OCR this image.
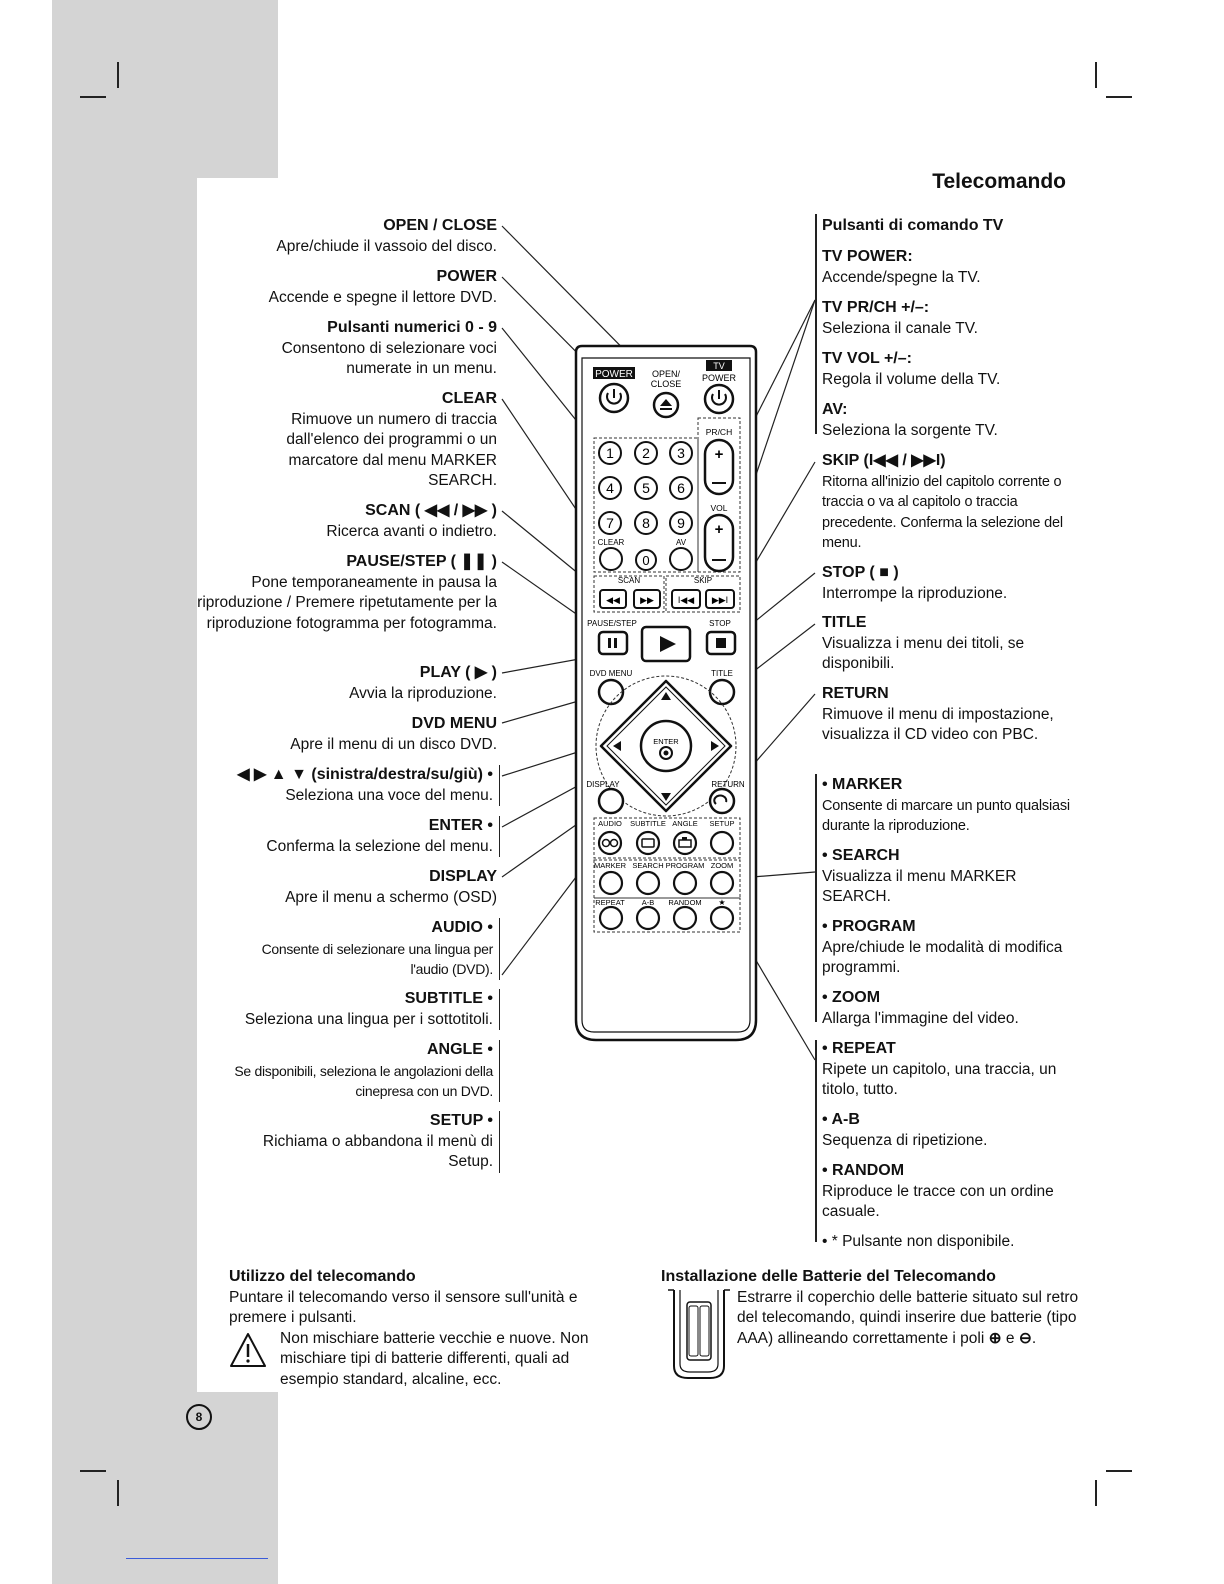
Telecomando
OPEN / CLOSE
Apre/chiude il vassoio del disco.
POWER
Accende e spegne il lettore DVD.
Pulsanti numerici 0 - 9
Consentono di selezionare voci numerate in un menu.
CLEAR
Rimuove un numero di traccia dall'elenco dei programmi o un marcatore dal menu MARKER SEARCH.
SCAN ( ◀◀ / ▶▶ )
Ricerca avanti o indietro.
PAUSE/STEP ( ❚❚ )
Pone temporaneamente in pausa la riproduzione / Premere ripetutamente per la riproduzione fotogramma per fotogramma.
PLAY ( ▶ )
Avvia la riproduzione.
DVD MENU
Apre il menu di un disco DVD.
◀ ▶ ▲ ▼ (sinistra/destra/su/giù) •
Seleziona una voce del menu.
ENTER •
Conferma la selezione del menu.
DISPLAY
Apre il menu a schermo (OSD)
AUDIO •
Consente di selezionare una lingua per l'audio (DVD).
SUBTITLE •
Seleziona una lingua per i sottotitoli.
ANGLE •
Se disponibili, seleziona le angolazioni della cinepresa con un DVD.
SETUP •
Richiama o abbandona il menù di Setup.
Pulsanti di comando TV
TV POWER:
Accende/spegne la TV.
TV PR/CH +/–:
Seleziona il canale TV.
TV VOL +/–:
Regola il volume della TV.
AV:
Seleziona la sorgente TV.
SKIP (I◀◀ / ▶▶I)
Ritorna all'inizio del capitolo corrente o traccia o va al capitolo o traccia precedente. Conferma la selezione del menu.
STOP ( ■ )
Interrompe la riproduzione.
TITLE
Visualizza i menu dei titoli, se disponibili.
RETURN
Rimuove il menu di impostazione, visualizza il CD video con PBC.
• MARKER
Consente di marcare un punto qualsiasi durante la riproduzione.
• SEARCH
Visualizza il menu MARKER SEARCH.
• PROGRAM
Apre/chiude le modalità di modifica programmi.
• ZOOM
Allarga l'immagine del video.
• REPEAT
Ripete un capitolo, una traccia, un titolo, tutto.
• A-B
Sequenza di ripetizione.
• RANDOM
Riproduce le tracce con un ordine casuale.
• * Pulsante non disponibile.
POWER OPEN/
CLOSE
TV
POWER
1 2 3
4 5 6
7 8 9
CLEAR
0
AV
PR/CH
+
VOL
+
SCAN	SKIP
◀◀ ▶▶	I◀◀ ▶▶I
PAUSE/STEP	STOP
DVD MENU	TITLE
ENTER
DISPLAY	RETURN
AUDIO SUBTITLE ANGLE SETUP
MARKER SEARCH PROGRAM ZOOM
REPEAT A-B RANDOM ★
Utilizzo del telecomando
Puntare il telecomando verso il sensore sull'unità e premere i pulsanti.
Non mischiare batterie vecchie e nuove. Non mischiare tipi di batterie differenti, quali ad esempio standard, alcaline, ecc.
Installazione delle Batterie del Telecomando
Estrarre il coperchio delle batterie situato sul retro del telecomando, quindi inserire due batterie (tipo AAA) allineando correttamente i poli ⊕ e ⊖.
8
